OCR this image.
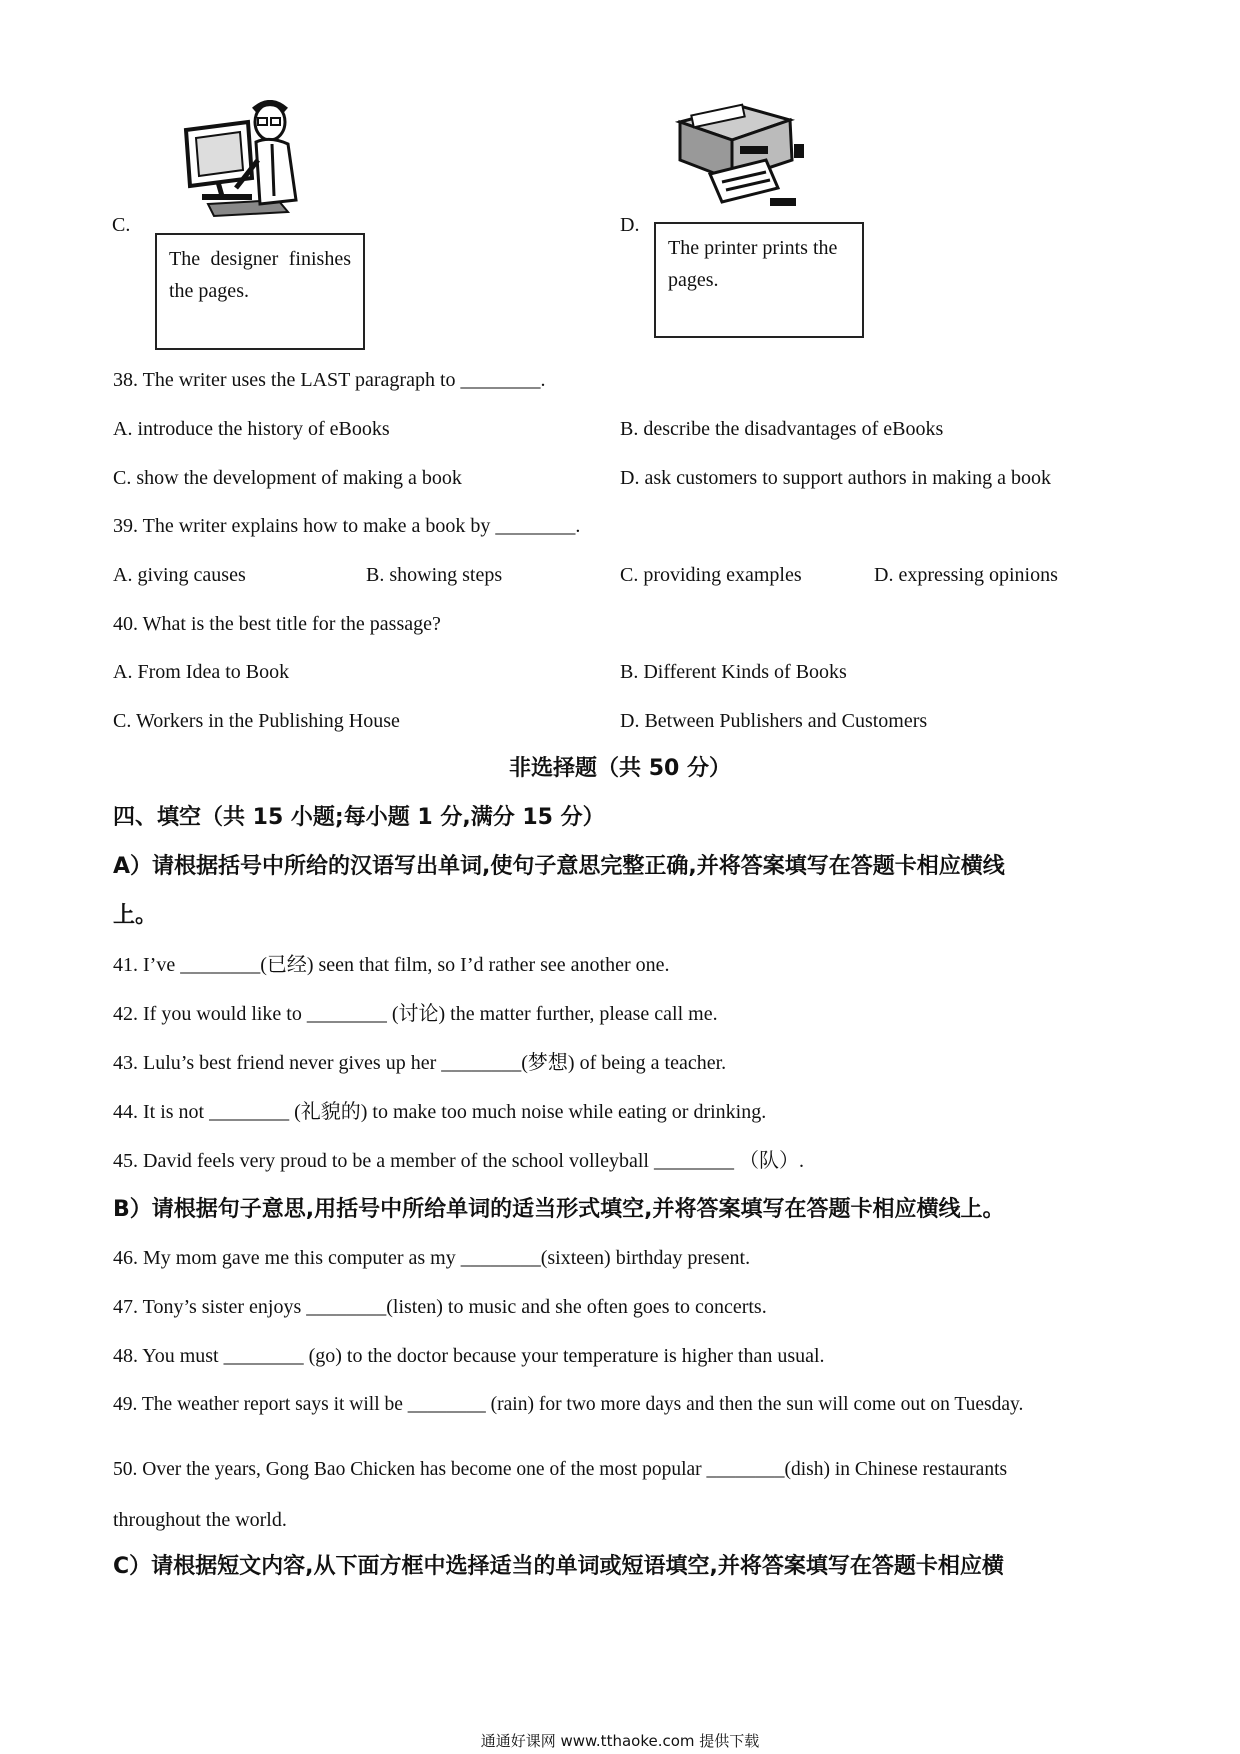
C.	D.
The designer finishes the pages.
The printer prints the pages.
38. The writer uses the LAST paragraph to ________.
A. introduce the history of eBooks	B. describe the disadvantages of eBooks
C. show the development of making a book	D. ask customers to support authors in making a book
39. The writer explains how to make a book by ________.
A. giving causes	B. showing steps	C. providing examples	D. expressing opinions
40. What is the best title for the passage?
A. From Idea to Book	B. Different Kinds of Books
C. Workers in the Publishing House	D. Between Publishers and Customers
非选择题（共 50 分）
四、填空（共 15 小题;每小题 1 分,满分 15 分）
A）请根据括号中所给的汉语写出单词,使句子意思完整正确,并将答案填写在答题卡相应横线
上。
41. I’ve ________(已经) seen that film, so I’d rather see another one.
42. If you would like to ________ (讨论) the matter further, please call me.
43. Lulu’s best friend never gives up her ________(梦想) of being a teacher.
44. It is not ________ (礼貌的) to make too much noise while eating or drinking.
45. David feels very proud to be a member of the school volleyball ________ （队）.
B）请根据句子意思,用括号中所给单词的适当形式填空,并将答案填写在答题卡相应横线上。
46. My mom gave me this computer as my ________(sixteen) birthday present.
47. Tony’s sister enjoys ________(listen) to music and she often goes to concerts.
48. You must ________ (go) to the doctor because your temperature is higher than usual.
49. The weather report says it will be ________ (rain) for two more days and then the sun will come out on Tuesday.
50. Over the years, Gong Bao Chicken has become one of the most popular ________(dish) in Chinese restaurants
throughout the world.
C）请根据短文内容,从下面方框中选择适当的单词或短语填空,并将答案填写在答题卡相应横
通通好课网 www.tthaoke.com 提供下载
